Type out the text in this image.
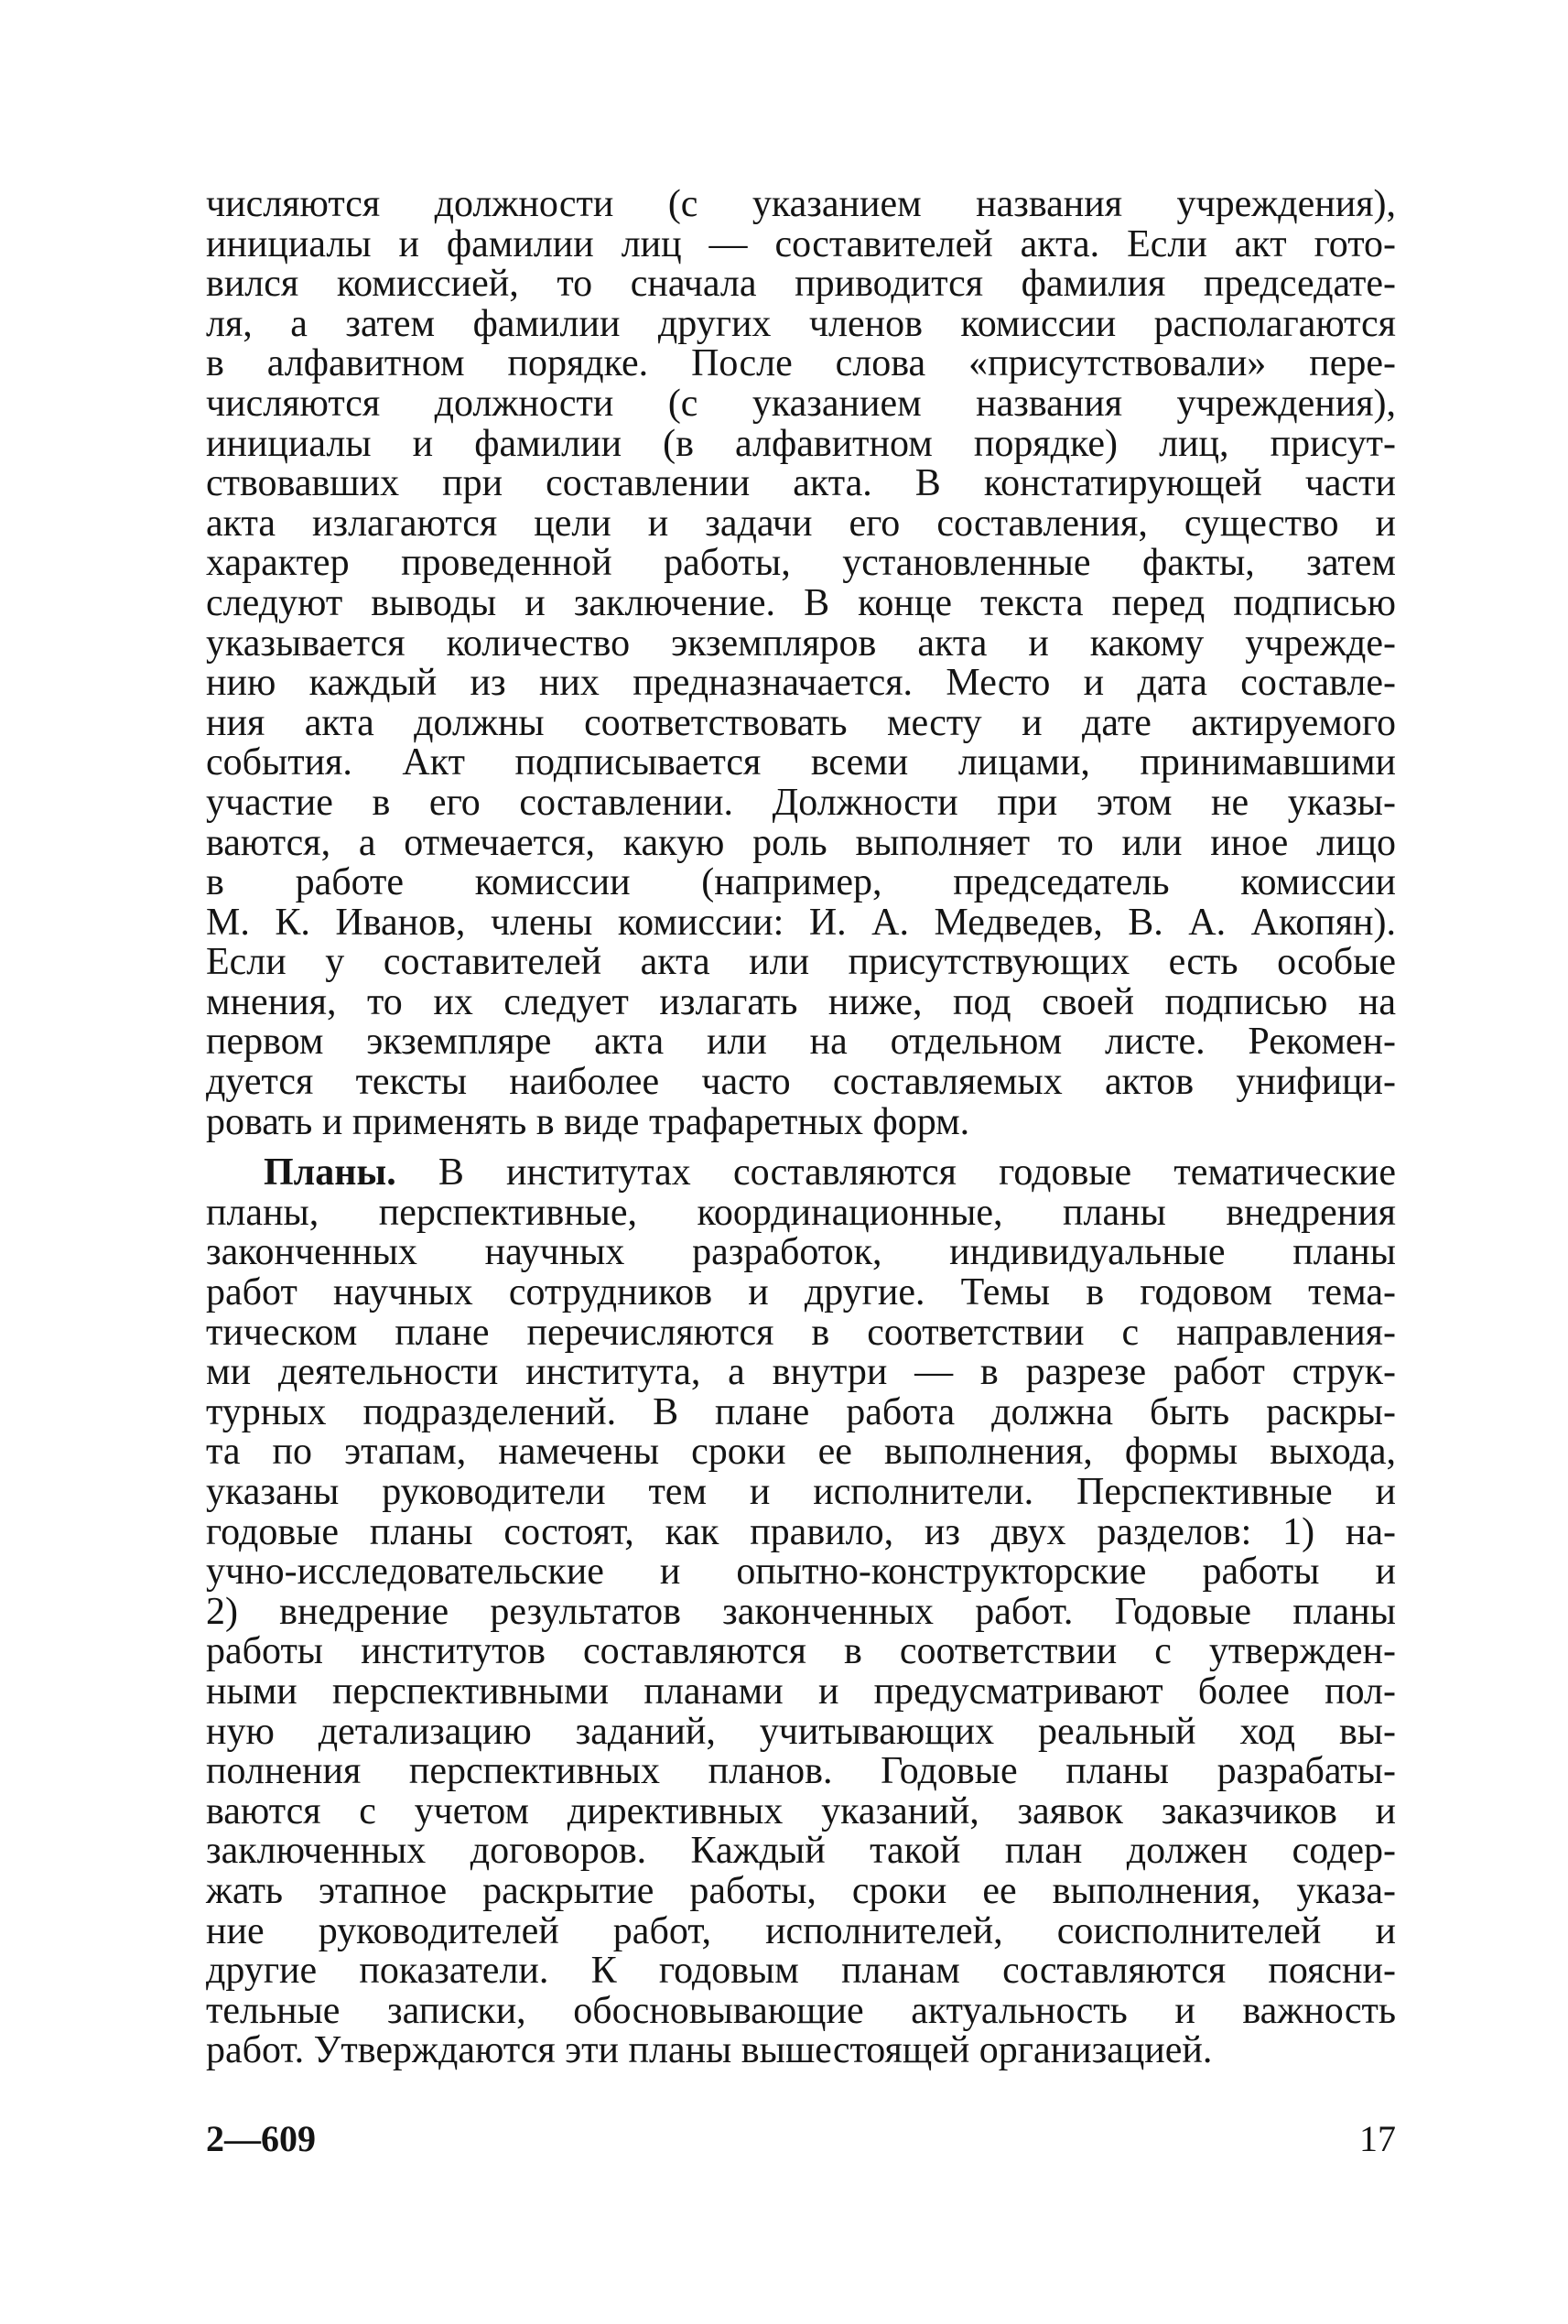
числяются должности (с указанием названия учреждения),
инициалы и фамилии лиц — составителей акта. Если акт гото-
вился комиссией, то сначала приводится фамилия председате-
ля, а затем фамилии других членов комиссии располагаются
в алфавитном порядке. После слова «присутствовали» пере-
числяются должности (с указанием названия учреждения),
инициалы и фамилии (в алфавитном порядке) лиц, присут-
ствовавших при составлении акта. В констатирующей части
акта излагаются цели и задачи его составления, существо и
характер проведенной работы, установленные факты, затем
следуют выводы и заключение. В конце текста перед подписью
указывается количество экземпляров акта и какому учрежде-
нию каждый из них предназначается. Место и дата составле-
ния акта должны соответствовать месту и дате актируемого
события. Акт подписывается всеми лицами, принимавшими
участие в его составлении. Должности при этом не указы-
ваются, а отмечается, какую роль выполняет то или иное лицо
в работе комиссии (например, председатель комиссии
М. К. Иванов, члены комиссии: И. А. Медведев, В. А. Акопян).
Если у составителей акта или присутствующих есть особые
мнения, то их следует излагать ниже, под своей подписью на
первом экземпляре акта или на отдельном листе. Рекомен-
дуется тексты наиболее часто составляемых актов унифици-
ровать и применять в виде трафаретных форм.
Планы. В институтах составляются годовые тематические
планы, перспективные, координационные, планы внедрения
законченных научных разработок, индивидуальные планы
работ научных сотрудников и другие. Темы в годовом тема-
тическом плане перечисляются в соответствии с направления-
ми деятельности института, а внутри — в разрезе работ струк-
турных подразделений. В плане работа должна быть раскры-
та по этапам, намечены сроки ее выполнения, формы выхода,
указаны руководители тем и исполнители. Перспективные и
годовые планы состоят, как правило, из двух разделов: 1) на-
учно-исследовательские и опытно-конструкторские работы и
2) внедрение результатов законченных работ. Годовые планы
работы институтов составляются в соответствии с утвержден-
ными перспективными планами и предусматривают более пол-
ную детализацию заданий, учитывающих реальный ход вы-
полнения перспективных планов. Годовые планы разрабаты-
ваются с учетом директивных указаний, заявок заказчиков и
заключенных договоров. Каждый такой план должен содер-
жать этапное раскрытие работы, сроки ее выполнения, указа-
ние руководителей работ, исполнителей, соисполнителей и
другие показатели. К годовым планам составляются поясни-
тельные записки, обосновывающие актуальность и важность
работ. Утверждаются эти планы вышестоящей организацией.
2—609	17
